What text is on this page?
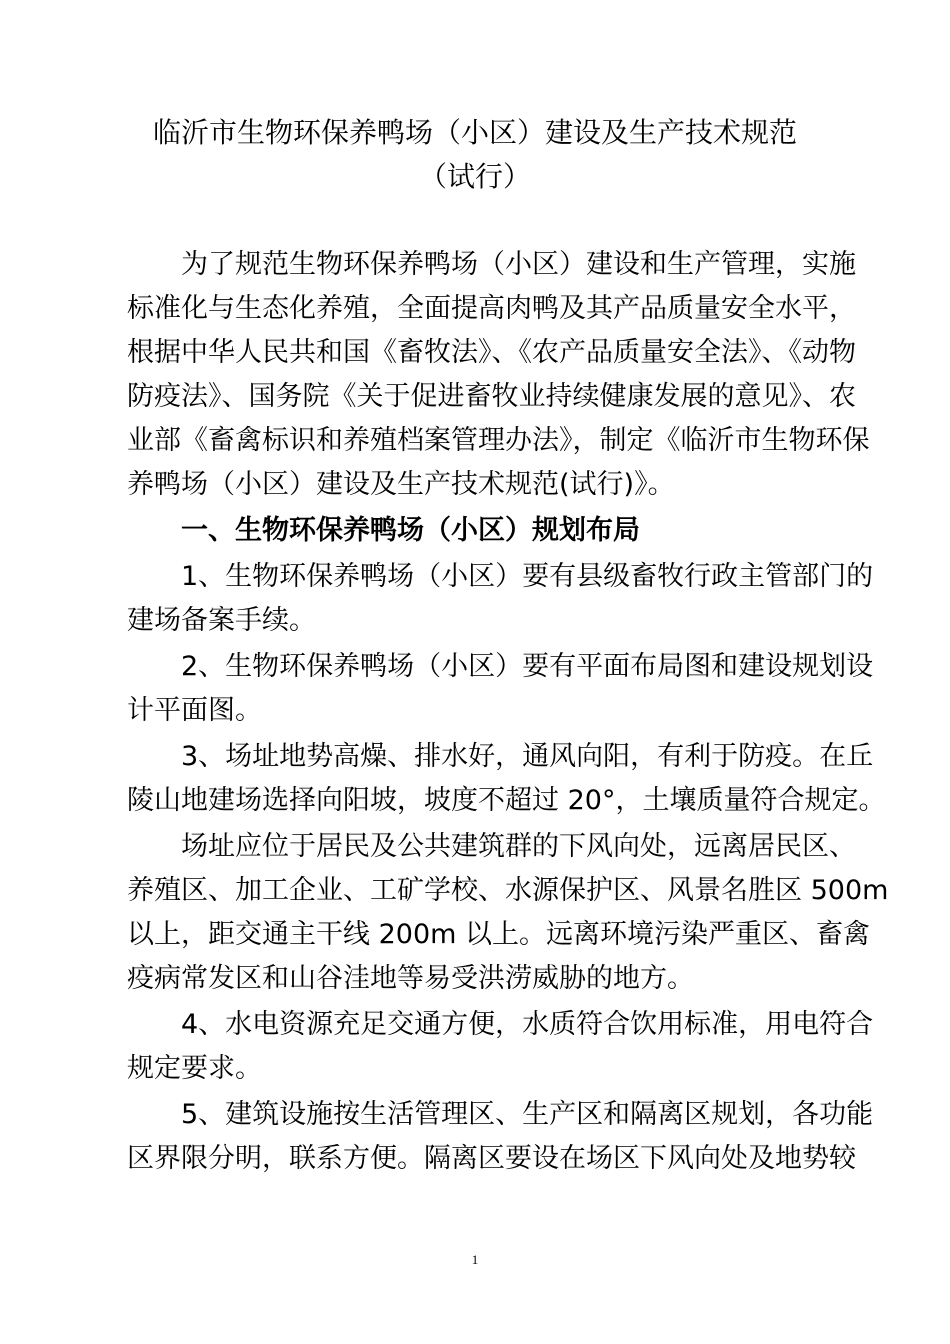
临沂市生物环保养鸭场（小区）建设及生产技术规范
（试行）
　　为了规范生物环保养鸭场（小区）建设和生产管理，实施
标准化与生态化养殖，全面提高肉鸭及其产品质量安全水平，
根据中华人民共和国《畜牧法》、《农产品质量安全法》、《动物
防疫法》、国务院《关于促进畜牧业持续健康发展的意见》、农
业部《畜禽标识和养殖档案管理办法》，制定《临沂市生物环保
养鸭场（小区）建设及生产技术规范(试行)》。
　　一、生物环保养鸭场（小区）规划布局
　　1、生物环保养鸭场（小区）要有县级畜牧行政主管部门的
建场备案手续。
　　2、生物环保养鸭场（小区）要有平面布局图和建设规划设
计平面图。
　　3、场址地势高燥、排水好，通风向阳，有利于防疫。在丘
陵山地建场选择向阳坡，坡度不超过 20°，土壤质量符合规定。
　　场址应位于居民及公共建筑群的下风向处，远离居民区、
养殖区、加工企业、工矿学校、水源保护区、风景名胜区 500m
以上，距交通主干线 200m 以上。远离环境污染严重区、畜禽
疫病常发区和山谷洼地等易受洪涝威胁的地方。
　　4、水电资源充足交通方便，水质符合饮用标准，用电符合
规定要求。
　　5、建筑设施按生活管理区、生产区和隔离区规划，各功能
区界限分明，联系方便。隔离区要设在场区下风向处及地势较
1
